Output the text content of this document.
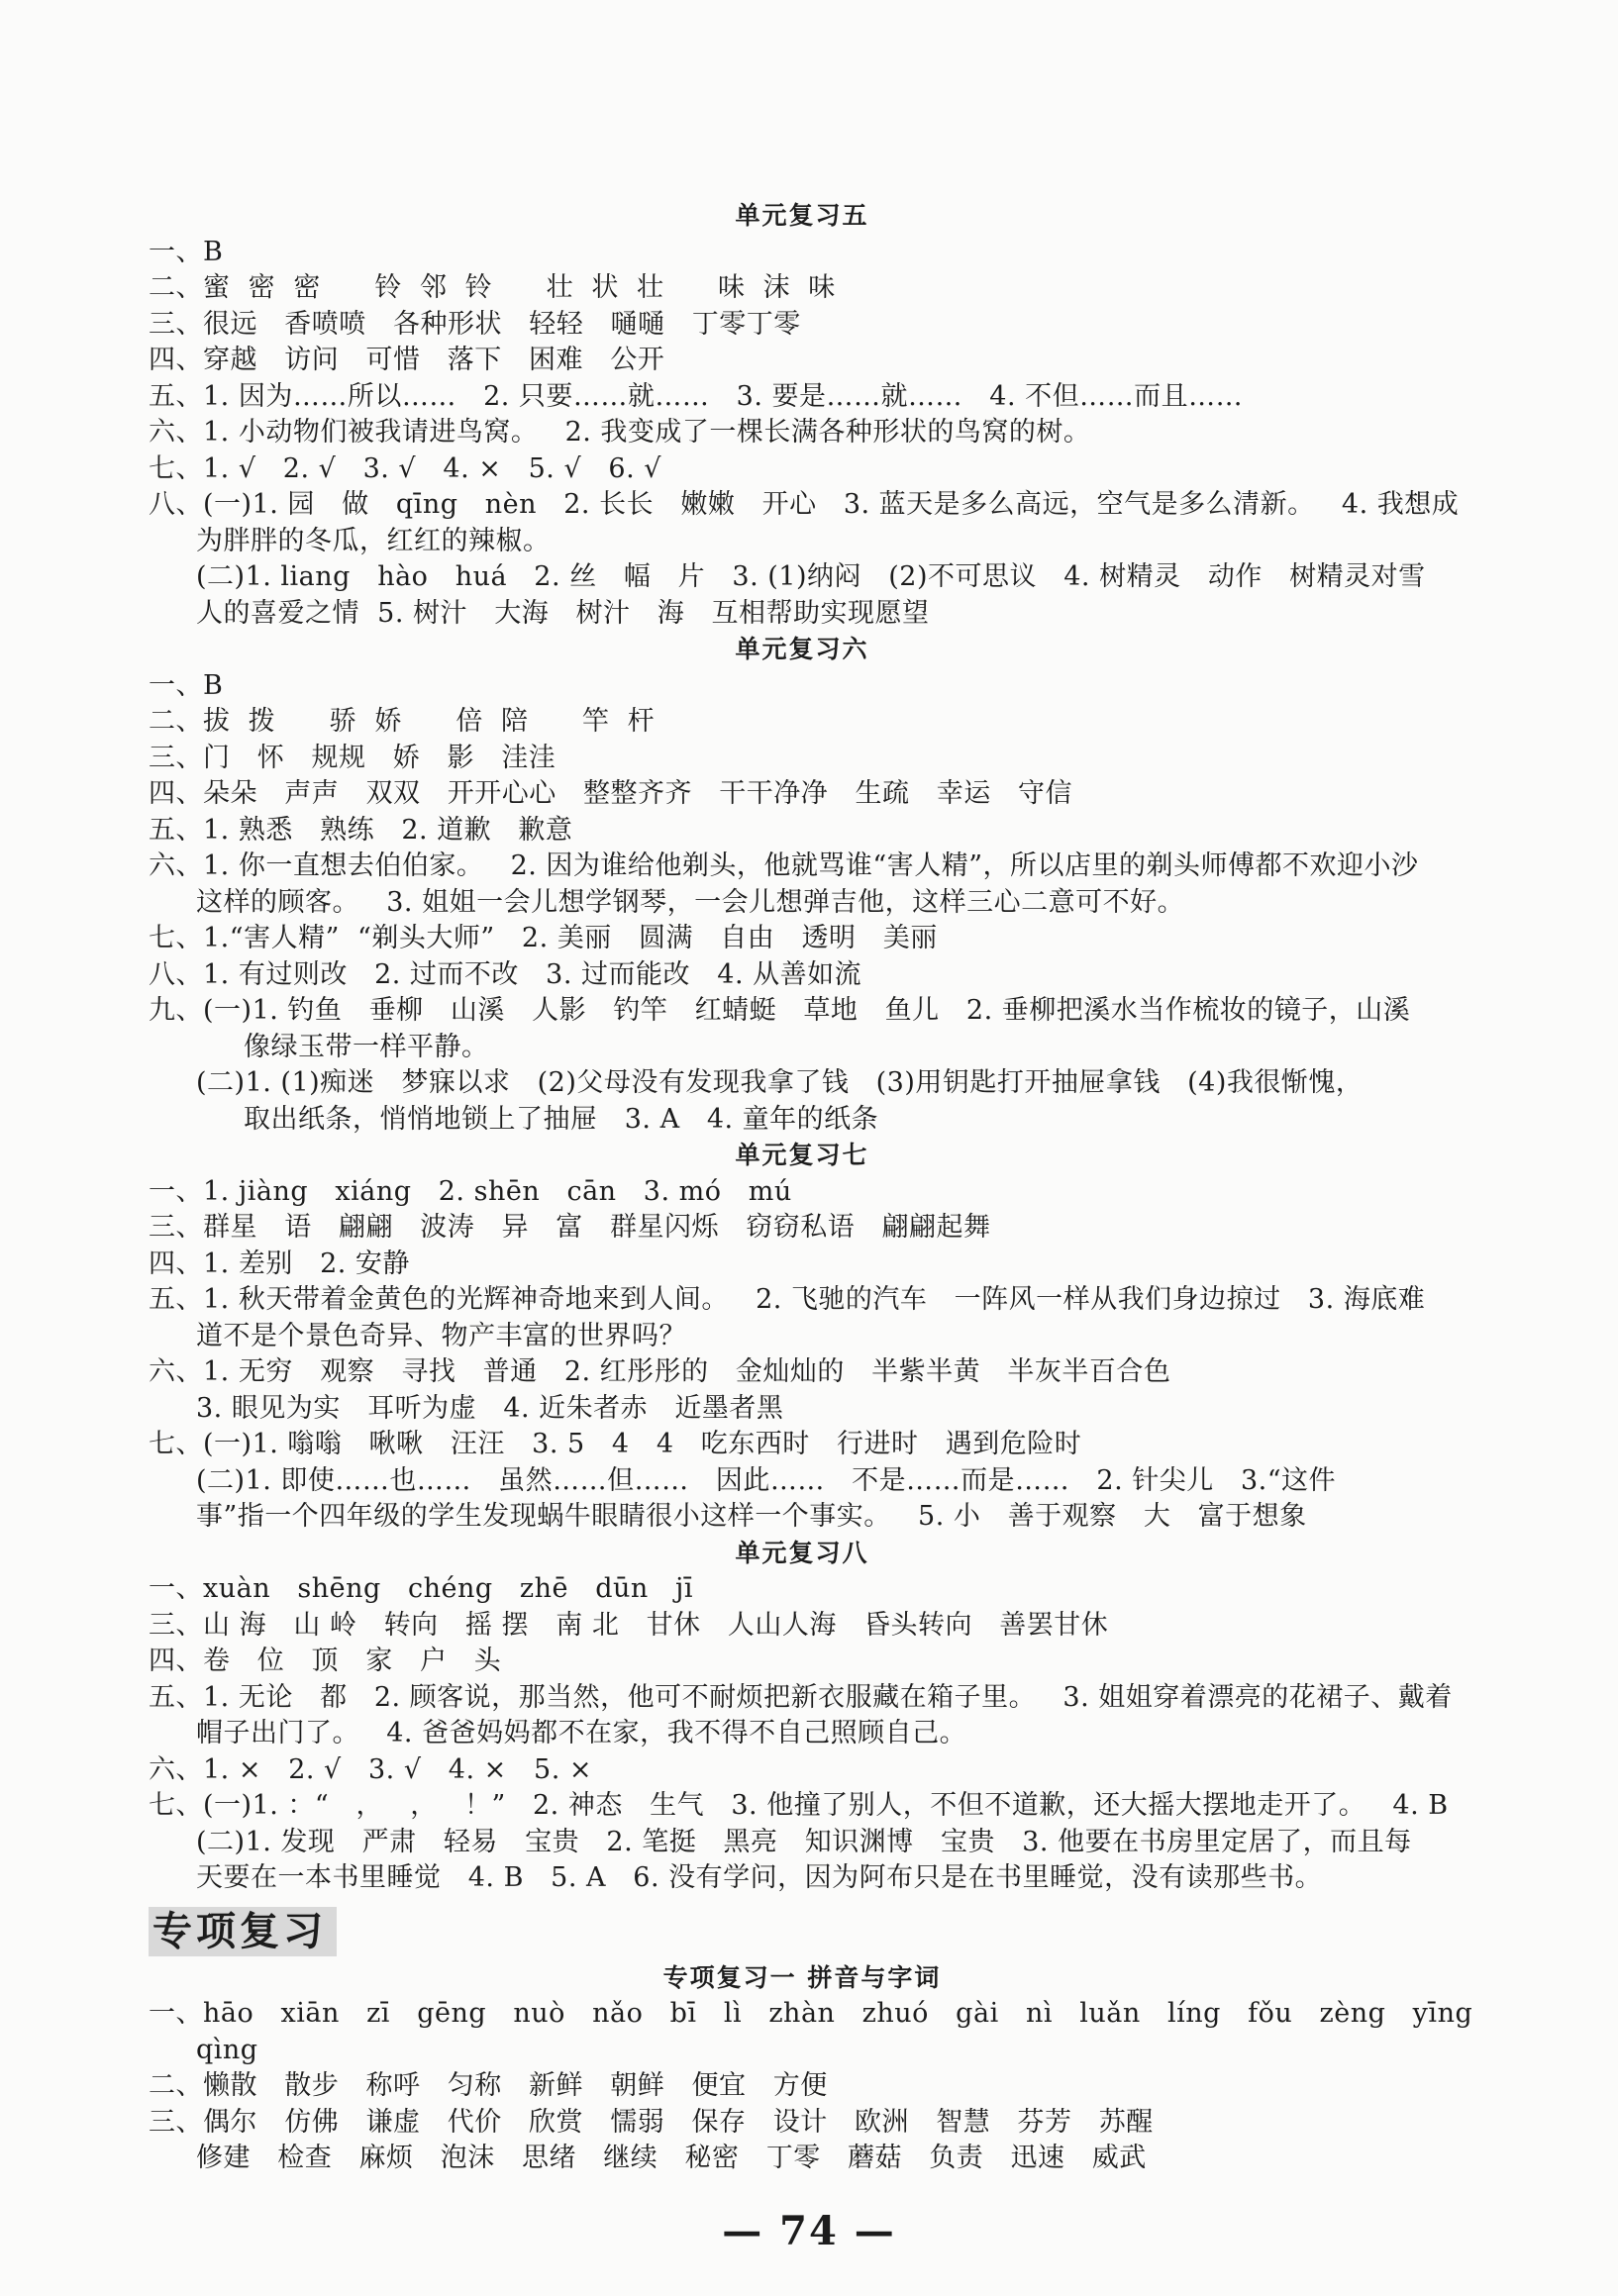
单元复习五
一、B
二、蜜  密  密      铃  邻  铃      壮  状  壮      味  沫  味
三、很远   香喷喷   各种形状   轻轻   嗵嗵   丁零丁零
四、穿越   访问   可惜   落下   困难   公开
五、1. 因为……所以……   2. 只要……就……   3. 要是……就……   4. 不但……而且……
六、1. 小动物们被我请进鸟窝。   2. 我变成了一棵长满各种形状的鸟窝的树。
七、1. √   2. √   3. √   4. ×   5. √   6. √
八、(一)1. 园   做   qīng   nèn   2. 长长   嫩嫩   开心   3. 蓝天是多么高远，空气是多么清新。   4. 我想成
为胖胖的冬瓜，红红的辣椒。
(二)1. liang   hào   huá   2. 丝   幅   片   3. (1)纳闷   (2)不可思议   4. 树精灵   动作   树精灵对雪
人的喜爱之情  5. 树汁   大海   树汁   海   互相帮助实现愿望
单元复习六
一、B
二、拔  拨      骄  娇      倍  陪      竿  杆
三、门   怀   规规   娇   影   洼洼
四、朵朵   声声   双双   开开心心   整整齐齐   干干净净   生疏   幸运   守信
五、1. 熟悉   熟练   2. 道歉   歉意
六、1. 你一直想去伯伯家。   2. 因为谁给他剃头，他就骂谁“害人精”，所以店里的剃头师傅都不欢迎小沙
这样的顾客。   3. 姐姐一会儿想学钢琴，一会儿想弹吉他，这样三心二意可不好。
七、1.“害人精”  “剃头大师”   2. 美丽   圆满   自由   透明   美丽
八、1. 有过则改   2. 过而不改   3. 过而能改   4. 从善如流
九、(一)1. 钓鱼   垂柳   山溪   人影   钓竿   红蜻蜓   草地   鱼儿   2. 垂柳把溪水当作梳妆的镜子，山溪
像绿玉带一样平静。
(二)1. (1)痴迷   梦寐以求   (2)父母没有发现我拿了钱   (3)用钥匙打开抽屉拿钱   (4)我很惭愧，
取出纸条，悄悄地锁上了抽屉   3. A   4. 童年的纸条
单元复习七
一、1. jiàng   xiáng   2. shēn   cān   3. mó   mú
三、群星   语   翩翩   波涛   异   富   群星闪烁   窃窃私语   翩翩起舞
四、1. 差别   2. 安静
五、1. 秋天带着金黄色的光辉神奇地来到人间。   2. 飞驰的汽车   一阵风一样从我们身边掠过   3. 海底难
道不是个景色奇异、物产丰富的世界吗？
六、1. 无穷   观察   寻找   普通   2. 红彤彤的   金灿灿的   半紫半黄   半灰半百合色
3. 眼见为实   耳听为虚   4. 近朱者赤   近墨者黑
七、(一)1. 嗡嗡   啾啾   汪汪   3. 5   4   4   吃东西时   行进时   遇到危险时
(二)1. 即使……也……   虽然……但……   因此……   不是……而是……   2. 针尖儿   3.“这件
事”指一个四年级的学生发现蜗牛眼睛很小这样一个事实。   5. 小   善于观察   大   富于想象
单元复习八
一、xuàn   shēng   chéng   zhē   dūn   jī
三、山 海   山 岭   转向   摇 摆   南 北   甘休   人山人海   昏头转向   善罢甘休
四、卷   位   顶   家   户   头
五、1. 无论   都   2. 顾客说，那当然，他可不耐烦把新衣服藏在箱子里。   3. 姐姐穿着漂亮的花裙子、戴着
帽子出门了。   4. 爸爸妈妈都不在家，我不得不自己照顾自己。
六、1. ×   2. √   3. √   4. ×   5. ×
七、(一)1. ：“   ，   ，   ！”   2. 神态   生气   3. 他撞了别人，不但不道歉，还大摇大摆地走开了。   4. B
(二)1. 发现   严肃   轻易   宝贵   2. 笔挺   黑亮   知识渊博   宝贵   3. 他要在书房里定居了，而且每
天要在一本书里睡觉   4. B   5. A   6. 没有学问，因为阿布只是在书里睡觉，没有读那些书。
专项复习
专项复习一 拼音与字词
一、hāo   xiān   zī   gēng   nuò   nǎo   bī   lì   zhàn   zhuó   gài   nì   luǎn   líng   fǒu   zèng   yīng
qìng
二、懒散   散步   称呼   匀称   新鲜   朝鲜   便宜   方便
三、偶尔   仿佛   谦虚   代价   欣赏   懦弱   保存   设计   欧洲   智慧   芬芳   苏醒
修建   检查   麻烦   泡沫   思绪   继续   秘密   丁零   蘑菇   负责   迅速   威武
— 74 —
